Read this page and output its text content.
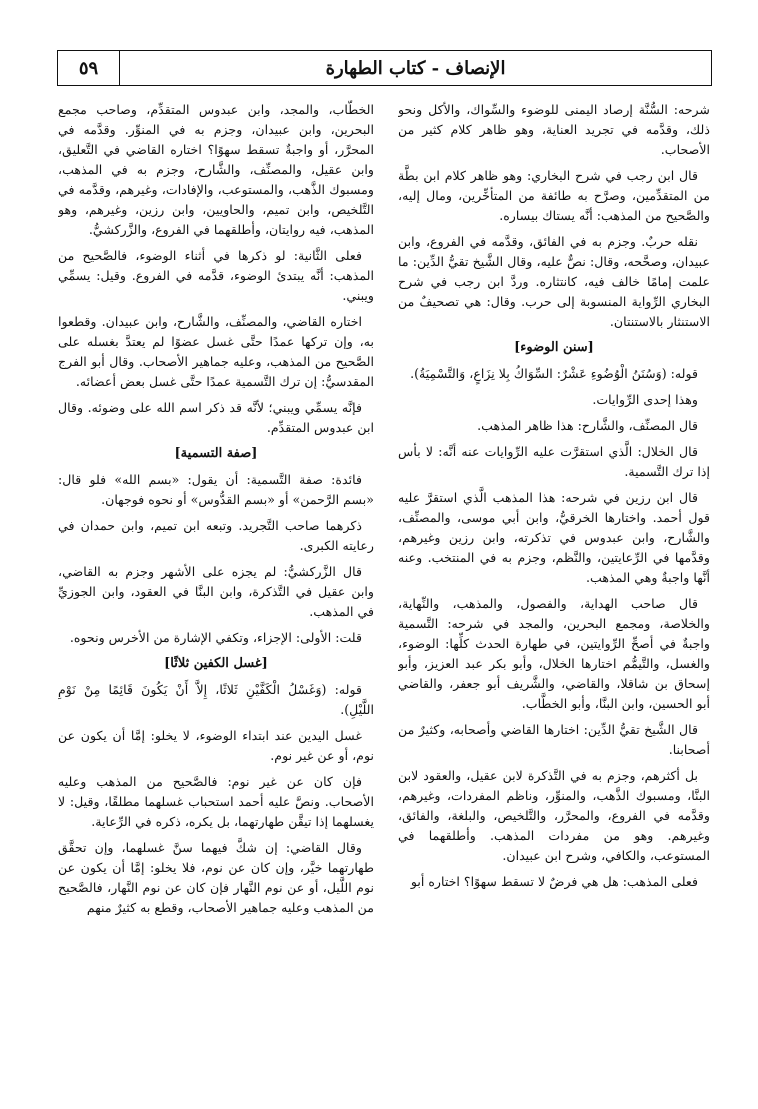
٥٩	الإنصاف - كتاب الطهارة

شرحه: السُّنَّة إرصاد اليمنى للوضوء والسِّواك، والأكل ونحو ذلك، وقدَّمه في تجريد العناية، وهو ظاهر كلام كثير من الأصحاب.

قال ابن رجب في شرح البخاري: وهو ظاهر كلام ابن بطَّة من المتقدِّمين، وصرَّح به طائفة من المتأخِّرين، ومال إليه، والصَّحيح من المذهب: أنَّه يستاك بيساره.

نقله حربٌ. وجزم به في الفائق، وقدَّمه في الفروع، وابن عبيدان، وصحَّحه، وقال: نصٌّ عليه، وقال الشَّيخ تقيُّ الدِّين: ما علمت إمامًا خالف فيه، كانتثاره. وردَّ ابن رجب في شرح البخاري الرِّواية المنسوبة إلى حرب. وقال: هي تصحيفٌ من الاستنثار بالاستنتان.

[سنن الوضوء]

قوله: (وَسُنَنُ الْوُضُوءِ عَشْرٌ: السِّوَاكُ بِلا نِزَاعٍ، وَالتَّسْمِيَةُ).

وهذا إحدى الرِّوايات.

قال المصنِّف، والشَّارح: هذا ظاهر المذهب.

قال الخلال: الَّذي استقرَّت عليه الرِّوايات عنه أنَّه: لا بأس إذا ترك التَّسمية.

قال ابن رزين في شرحه: هذا المذهب الَّذي استقرَّ عليه قول أحمد. واختارها الخرقيُّ، وابن أبي موسى، والمصنِّف، والشَّارح، وابن عبدوس في تذكرته، وابن رزين وغيرهم، وقدَّمها في الرِّعايتين، والنَّظم، وجزم به في المنتخب. وعنه أنَّها واجبةٌ وهي المذهب.

قال صاحب الهداية، والفصول، والمذهب، والنِّهاية، والخلاصة، ومجمع البحرين، والمجد في شرحه: التَّسمية واجبةٌ في أصحِّ الرِّوايتين، في طهارة الحدث كلِّها: الوضوء، والغسل، والتَّيمُّم اختارها الخلال، وأبو بكر عبد العزيز، وأبو إسحاق بن شاقلا، والقاضي، والشَّريف أبو جعفر، والقاضي أبو الحسين، وابن البنَّا، وأبو الخطَّاب.

قال الشَّيخ تقيُّ الدِّين: اختارها القاضي وأصحابه، وكثيرٌ من أصحابنا.

بل أكثرهم، وجزم به في التَّذكرة لابن عقيل، والعقود لابن البنَّا، ومسبوك الذَّهب، والمنوِّر، وناظم المفردات، وغيرهم، وقدَّمه في الفروع، والمحرَّر، والتَّلخيص، والبلغة، والفائق، وغيرهم. وهو من مفردات المذهب. وأطلقهما في المستوعب، والكافي، وشرح ابن عبيدان.

فعلى المذهب: هل هي فرضٌ لا تسقط سهوًا؟ اختاره أبو

الخطَّاب، والمجد، وابن عبدوس المتقدِّم، وصاحب مجمع البحرين، وابن عبيدان، وجزم به في المنوِّر. وقدَّمه في المحرَّر، أو واجبةٌ تسقط سهوًا؟ اختاره القاضي في التَّعليق، وابن عقيل، والمصنِّف، والشَّارح، وجزم به في المذهب، ومسبوك الذَّهب، والمستوعب، والإفادات، وغيرهم، وقدَّمه في التَّلخيص، وابن تميم، والحاويين، وابن رزين، وغيرهم، وهو المذهب، فيه روايتان، وأطلقهما في الفروع، والزَّركشيُّ.

فعلى الثَّانية: لو ذكرها في أثناء الوضوء، فالصَّحيح من المذهب: أنَّه يبتدئ الوضوء، قدَّمه في الفروع. وقيل: يسمِّي ويبني.

اختاره القاضي، والمصنِّف، والشَّارح، وابن عبيدان. وقطعوا به، وإن تركها عمدًا حتَّى غسل عضوًا لم يعتدَّ بغسله على الصَّحيح من المذهب، وعليه جماهير الأصحاب. وقال أبو الفرج المقدسيُّ: إن ترك التَّسمية عمدًا حتَّى غسل بعض أعضائه.

فإنَّه يسمِّي ويبني؛ لأنَّه قد ذكر اسم الله على وضوئه. وقال ابن عبدوس المتقدِّم.

[صفة التسمية]

فائدة: صفة التَّسمية: أن يقول: «بسم الله» فلو قال: «بسم الرَّحمن» أو «بسم القدُّوس» أو نحوه فوجهان.

ذكرهما صاحب التَّجريد. وتبعه ابن تميم، وابن حمدان في رعايته الكبرى.

قال الزَّركشيُّ: لم يجزه على الأشهر وجزم به القاضي، وابن عقيل في التَّذكرة، وابن البنَّا في العقود، وابن الجوزيِّ في المذهب.

قلت: الأولى: الإجزاء، وتكفي الإشارة من الأخرس ونحوه.

[غسل الكفين ثلاثًا]

قوله: (وَغَسْلُ الْكَفَّيْنِ ثَلاثًا، إِلاَّ أَنْ يَكُونَ قَائِمًا مِنْ نَوْمِ اللَّيْلِ).

غسل اليدين عند ابتداء الوضوء، لا يخلو: إمَّا أن يكون عن نوم، أو عن غير نوم.

فإن كان عن غير نوم: فالصَّحيح من المذهب وعليه الأصحاب. ونصَّ عليه أحمد استحباب غسلهما مطلقًا، وقيل: لا يغسلهما إذا تيقَّن طهارتهما، بل يكره، ذكره في الرِّعاية.

وقال القاضي: إن شكَّ فيهما سنَّ غسلهما، وإن تحقَّق طهارتهما خيَّر، وإن كان عن نوم، فلا يخلو: إمَّا أن يكون عن نوم اللَّيل، أو عن نوم النَّهار فإن كان عن نوم النَّهار، فالصَّحيح من المذهب وعليه جماهير الأصحاب، وقطع به كثيرٌ منهم
